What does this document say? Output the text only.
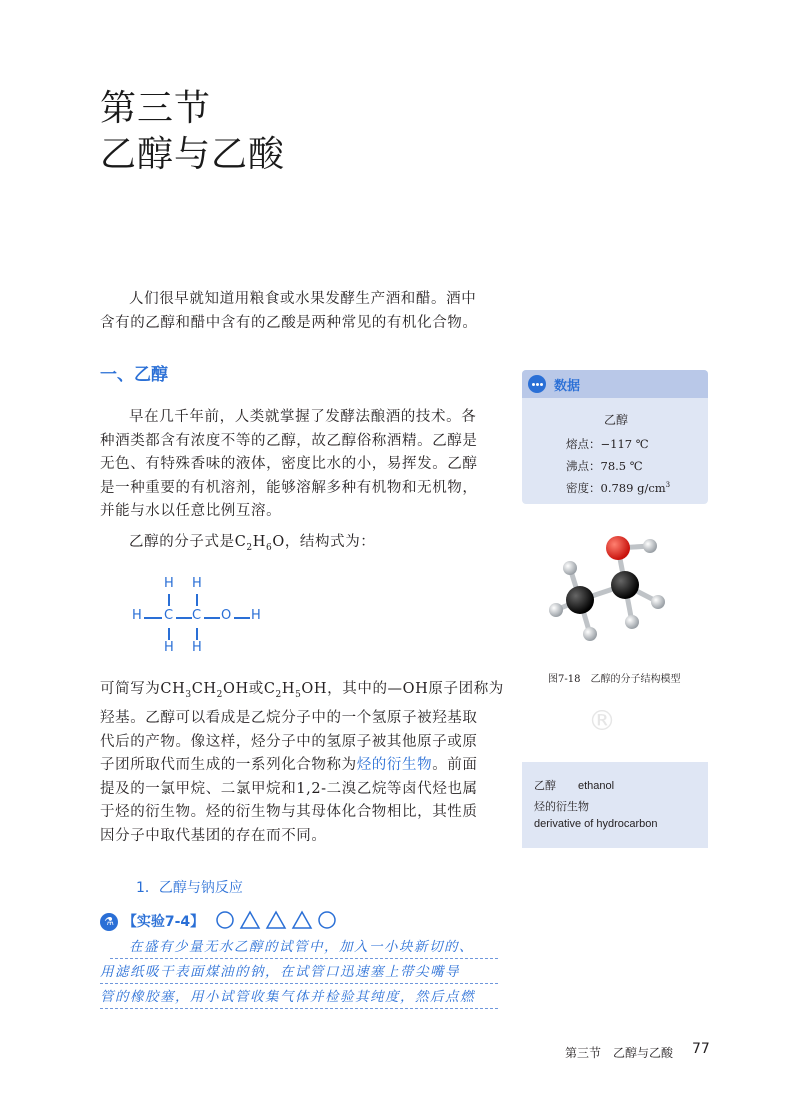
第三节
乙醇与乙酸
人们很早就知道用粮食或水果发酵生产酒和醋。酒中
含有的乙醇和醋中含有的乙酸是两种常见的有机化合物。
一、乙醇
数据
乙醇
熔点：−117 ℃
沸点：78.5 ℃
密度：0.789 $g/cm^3$
早在几千年前，人类就掌握了发酵法酿酒的技术。各
种酒类都含有浓度不等的乙醇，故乙醇俗称酒精。乙醇是
无色、有特殊香味的液体，密度比水的小，易挥发。乙醇
是一种重要的有机溶剂，能够溶解多种有机物和无机物，
并能与水以任意比例互溶。
乙醇的分子式是$C_2H_6O$，结构式为：
H H
H C C O H
H H
图7-18　乙醇的分子结构模型
®
可简写为$CH_3CH_2OH$或$C_2H_5OH$，其中的—OH原子团称为
羟基。乙醇可以看成是乙烷分子中的一个氢原子被羟基取
代后的产物。像这样，烃分子中的氢原子被其他原子或原
子团所取代而生成的一系列化合物称为烃的衍生物。前面
提及的一氯甲烷、二氯甲烷和1,2-二溴乙烷等卤代烃也属
于烃的衍生物。烃的衍生物与其母体化合物相比，其性质
因分子中取代基团的存在而不同。
乙醇 ethanol
烃的衍生物
derivative of hydrocarbon
1．乙醇与钠反应
⚗ 【实验7-4】
在盛有少量无水乙醇的试管中，加入一小块新切的、
用滤纸吸干表面煤油的钠，在试管口迅速塞上带尖嘴导
管的橡胶塞，用小试管收集气体并检验其纯度，然后点燃
第三节　乙醇与乙酸 77
